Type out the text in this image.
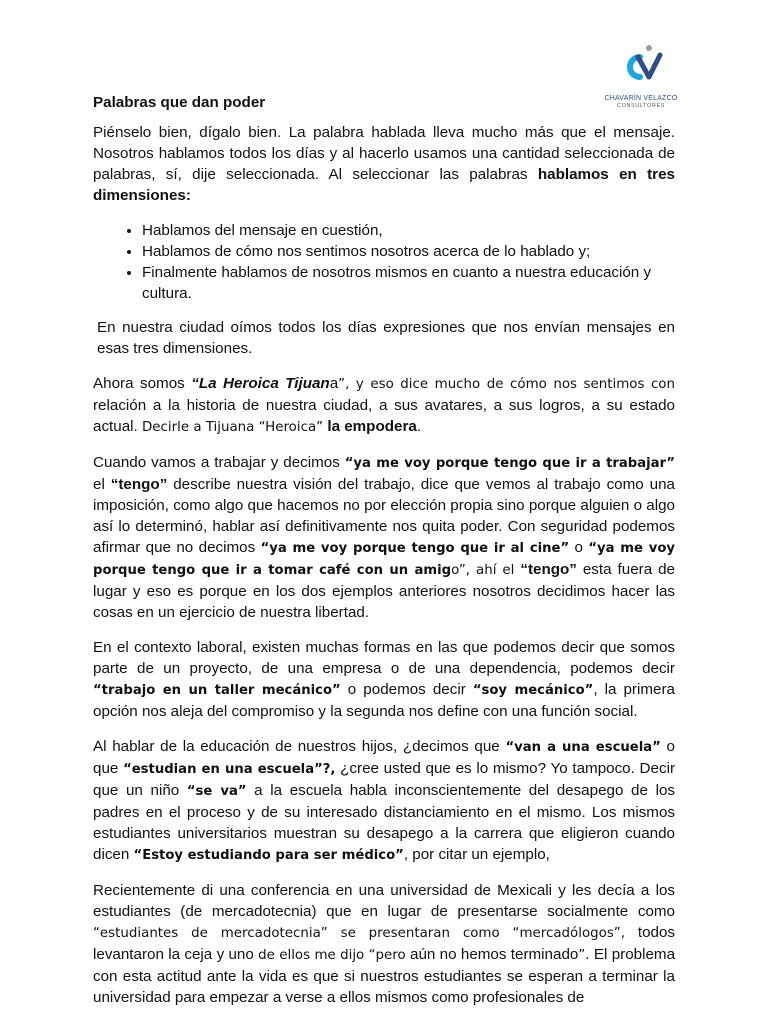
CHAVARÍN VELAZCO
CONSULTORES
Palabras que dan poder

Piénselo bien, dígalo bien. La palabra hablada lleva mucho más que el mensaje. Nosotros hablamos todos los días y al hacerlo usamos una cantidad seleccionada de palabras, sí, dije seleccionada. Al seleccionar las palabras hablamos en tres dimensiones:

• Hablamos del mensaje en cuestión,
• Hablamos de cómo nos sentimos nosotros acerca de lo hablado y;
• Finalmente hablamos de nosotros mismos en cuanto a nuestra educación y cultura.

En nuestra ciudad oímos todos los días expresiones que nos envían mensajes en esas tres dimensiones.

Ahora somos “La Heroica Tijuana”, y eso dice mucho de cómo nos sentimos con relación a la historia de nuestra ciudad, a sus avatares, a sus logros, a su estado actual. Decirle a Tijuana “Heroica” la empodera.

Cuando vamos a trabajar y decimos “ya me voy porque tengo que ir a trabajar” el “tengo” describe nuestra visión del trabajo, dice que vemos al trabajo como una imposición, como algo que hacemos no por elección propia sino porque alguien o algo así lo determinó, hablar así definitivamente nos quita poder. Con seguridad podemos afirmar que no decimos “ya me voy porque tengo que ir al cine” o “ya me voy porque tengo que ir a tomar café con un amigo”, ahí el “tengo” esta fuera de lugar y eso es porque en los dos ejemplos anteriores nosotros decidimos hacer las cosas en un ejercicio de nuestra libertad.

En el contexto laboral, existen muchas formas en las que podemos decir que somos parte de un proyecto, de una empresa o de una dependencia, podemos decir “trabajo en un taller mecánico” o podemos decir “soy mecánico”, la primera opción nos aleja del compromiso y la segunda nos define con una función social.

Al hablar de la educación de nuestros hijos, ¿decimos que “van a una escuela” o que “estudian en una escuela”?, ¿cree usted que es lo mismo? Yo tampoco. Decir que un niño “se va” a la escuela habla inconscientemente del desapego de los padres en el proceso y de su interesado distanciamiento en el mismo. Los mismos estudiantes universitarios muestran su desapego a la carrera que eligieron cuando dicen “Estoy estudiando para ser médico”, por citar un ejemplo,

Recientemente di una conferencia en una universidad de Mexicali y les decía a los estudiantes (de mercadotecnia) que en lugar de presentarse socialmente como “estudiantes de mercadotecnia” se presentaran como “mercadólogos”, todos levantaron la ceja y uno de ellos me dijo “pero aún no hemos terminado”. El problema con esta actitud ante la vida es que si nuestros estudiantes se esperan a terminar la universidad para empezar a verse a ellos mismos como profesionales de
